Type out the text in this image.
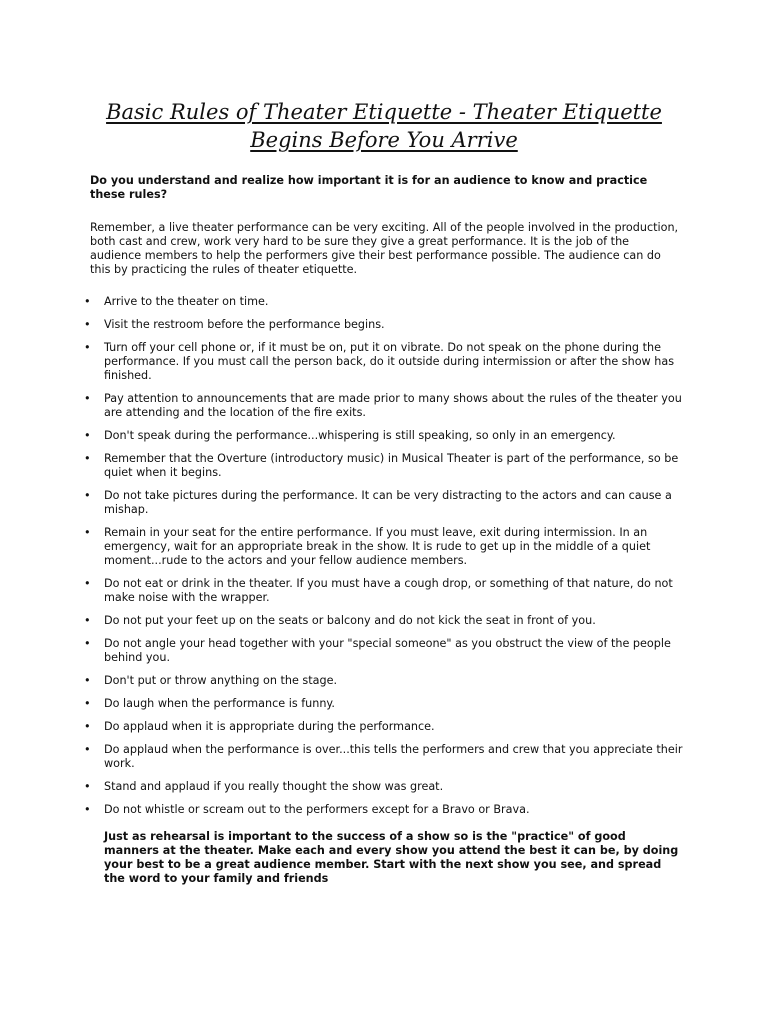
Basic Rules of Theater Etiquette - Theater Etiquette Begins Before You Arrive

Do you understand and realize how important it is for an audience to know and practice these rules?

Remember, a live theater performance can be very exciting. All of the people involved in the production, both cast and crew, work very hard to be sure they give a great performance. It is the job of the audience members to help the performers give their best performance possible. The audience can do this by practicing the rules of theater etiquette.

• Arrive to the theater on time.
• Visit the restroom before the performance begins.
• Turn off your cell phone or, if it must be on, put it on vibrate. Do not speak on the phone during the performance. If you must call the person back, do it outside during intermission or after the show has finished.
• Pay attention to announcements that are made prior to many shows about the rules of the theater you are attending and the location of the fire exits.
• Don't speak during the performance...whispering is still speaking, so only in an emergency.
• Remember that the Overture (introductory music) in Musical Theater is part of the performance, so be quiet when it begins.
• Do not take pictures during the performance. It can be very distracting to the actors and can cause a mishap.
• Remain in your seat for the entire performance. If you must leave, exit during intermission. In an emergency, wait for an appropriate break in the show. It is rude to get up in the middle of a quiet moment...rude to the actors and your fellow audience members.
• Do not eat or drink in the theater. If you must have a cough drop, or something of that nature, do not make noise with the wrapper.
• Do not put your feet up on the seats or balcony and do not kick the seat in front of you.
• Do not angle your head together with your "special someone" as you obstruct the view of the people behind you.
• Don't put or throw anything on the stage.
• Do laugh when the performance is funny.
• Do applaud when it is appropriate during the performance.
• Do applaud when the performance is over...this tells the performers and crew that you appreciate their work.
• Stand and applaud if you really thought the show was great.
• Do not whistle or scream out to the performers except for a Bravo or Brava.

Just as rehearsal is important to the success of a show so is the "practice" of good manners at the theater. Make each and every show you attend the best it can be, by doing your best to be a great audience member. Start with the next show you see, and spread the word to your family and friends
